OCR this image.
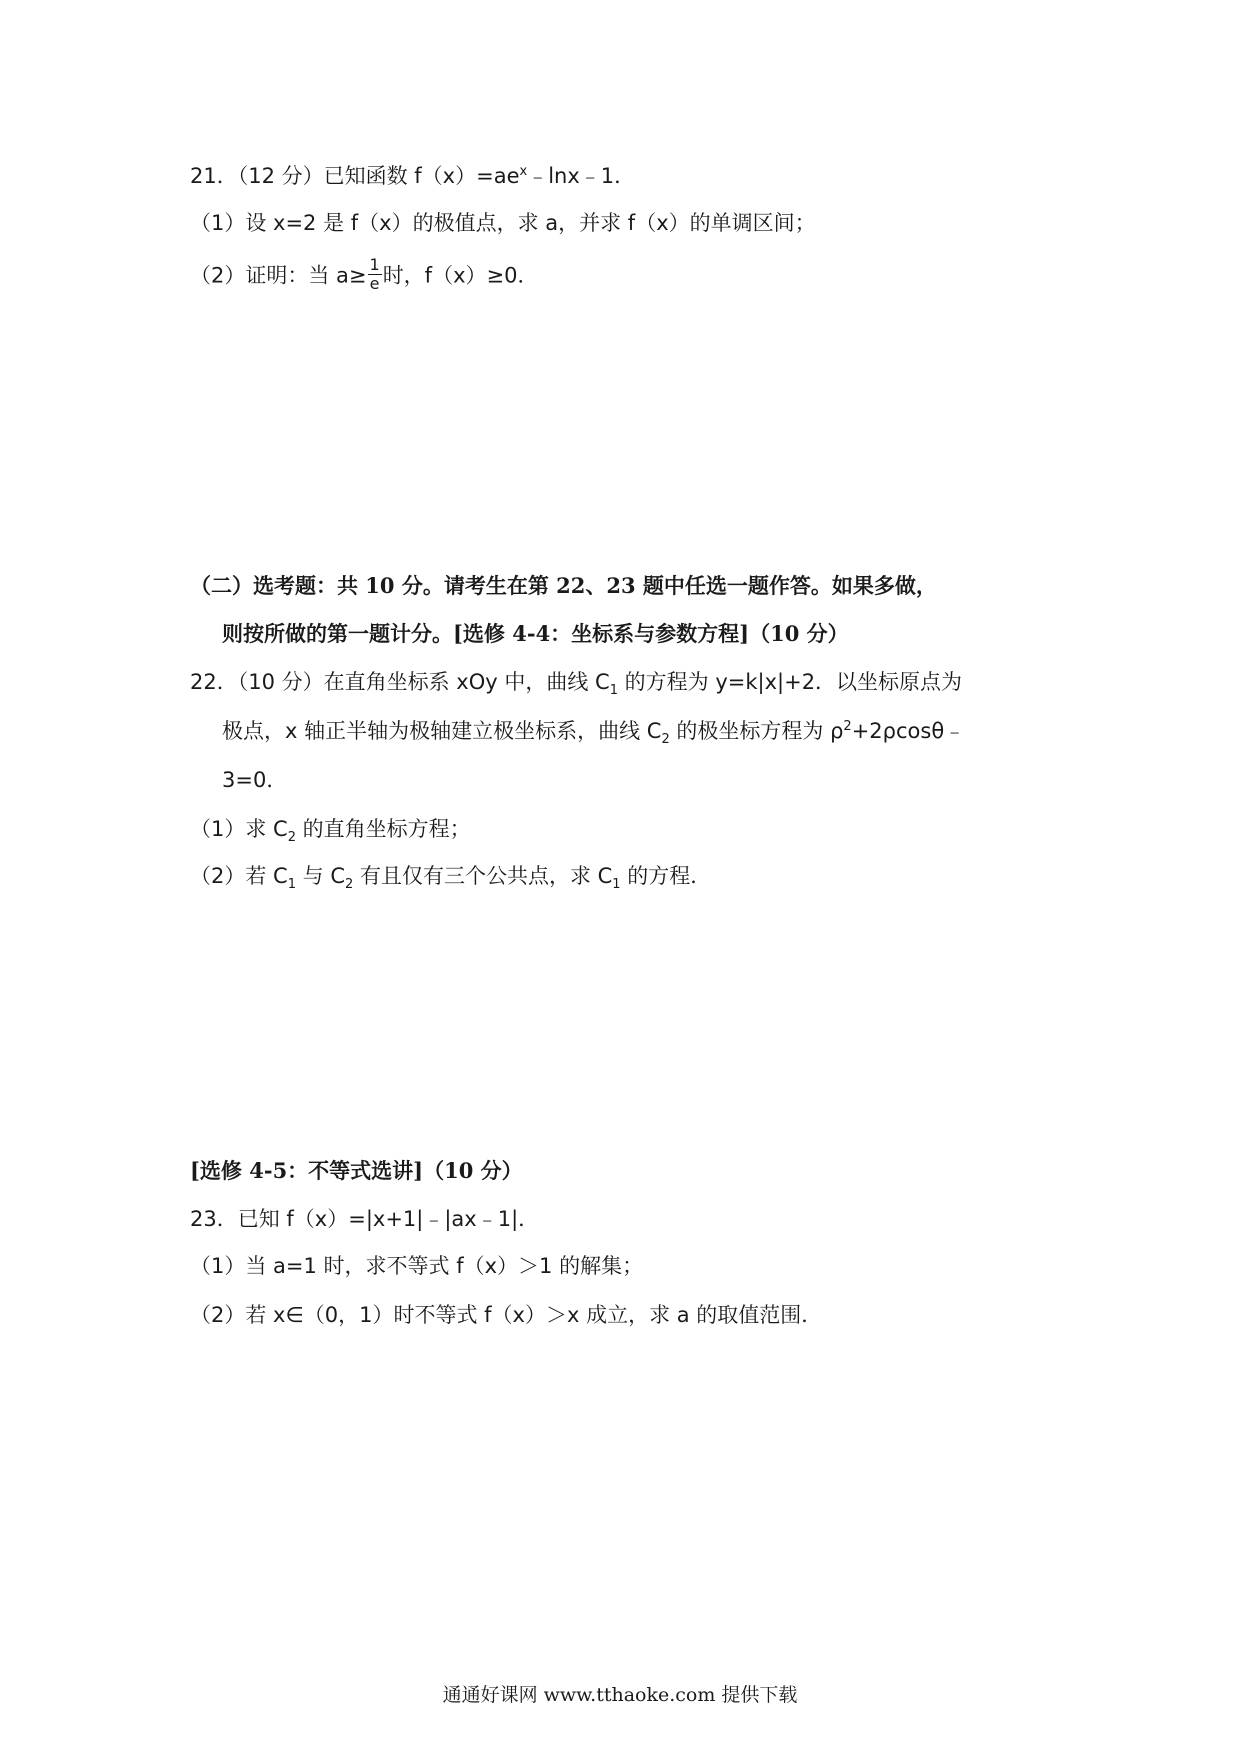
21．（12 分）已知函数 $f(x)=ae^x﹣\ln x﹣1$．
（1）设 x=2 是 f（x）的极值点，求 a，并求 f（x）的单调区间；
（2）证明：当 $a\ge \frac{1}{e}$ 时，f（x）≥0．
（二）选考题：共 10 分。请考生在第 22、23 题中任选一题作答。如果多做，
则按所做的第一题计分。[选修 4-4：坐标系与参数方程]（10 分）
22．（10 分）在直角坐标系 xOy 中，曲线 $C_1$ 的方程为 y=k|x|+2．以坐标原点为
极点，x 轴正半轴为极轴建立极坐标系，曲线 $C_2$ 的极坐标方程为 $\rho^2+2\rho\cos\theta﹣$
3=0．
（1）求 $C_2$ 的直角坐标方程；
（2）若 $C_1$ 与 $C_2$ 有且仅有三个公共点，求 $C_1$ 的方程．
[选修 4-5：不等式选讲]（10 分）
23．已知 f（x）=|x+1|﹣|ax﹣1|．
（1）当 a=1 时，求不等式 f（x）＞1 的解集；
（2）若 x∈（0，1）时不等式 f（x）＞x 成立，求 a 的取值范围．
通通好课网 www.tthaoke.com 提供下载
